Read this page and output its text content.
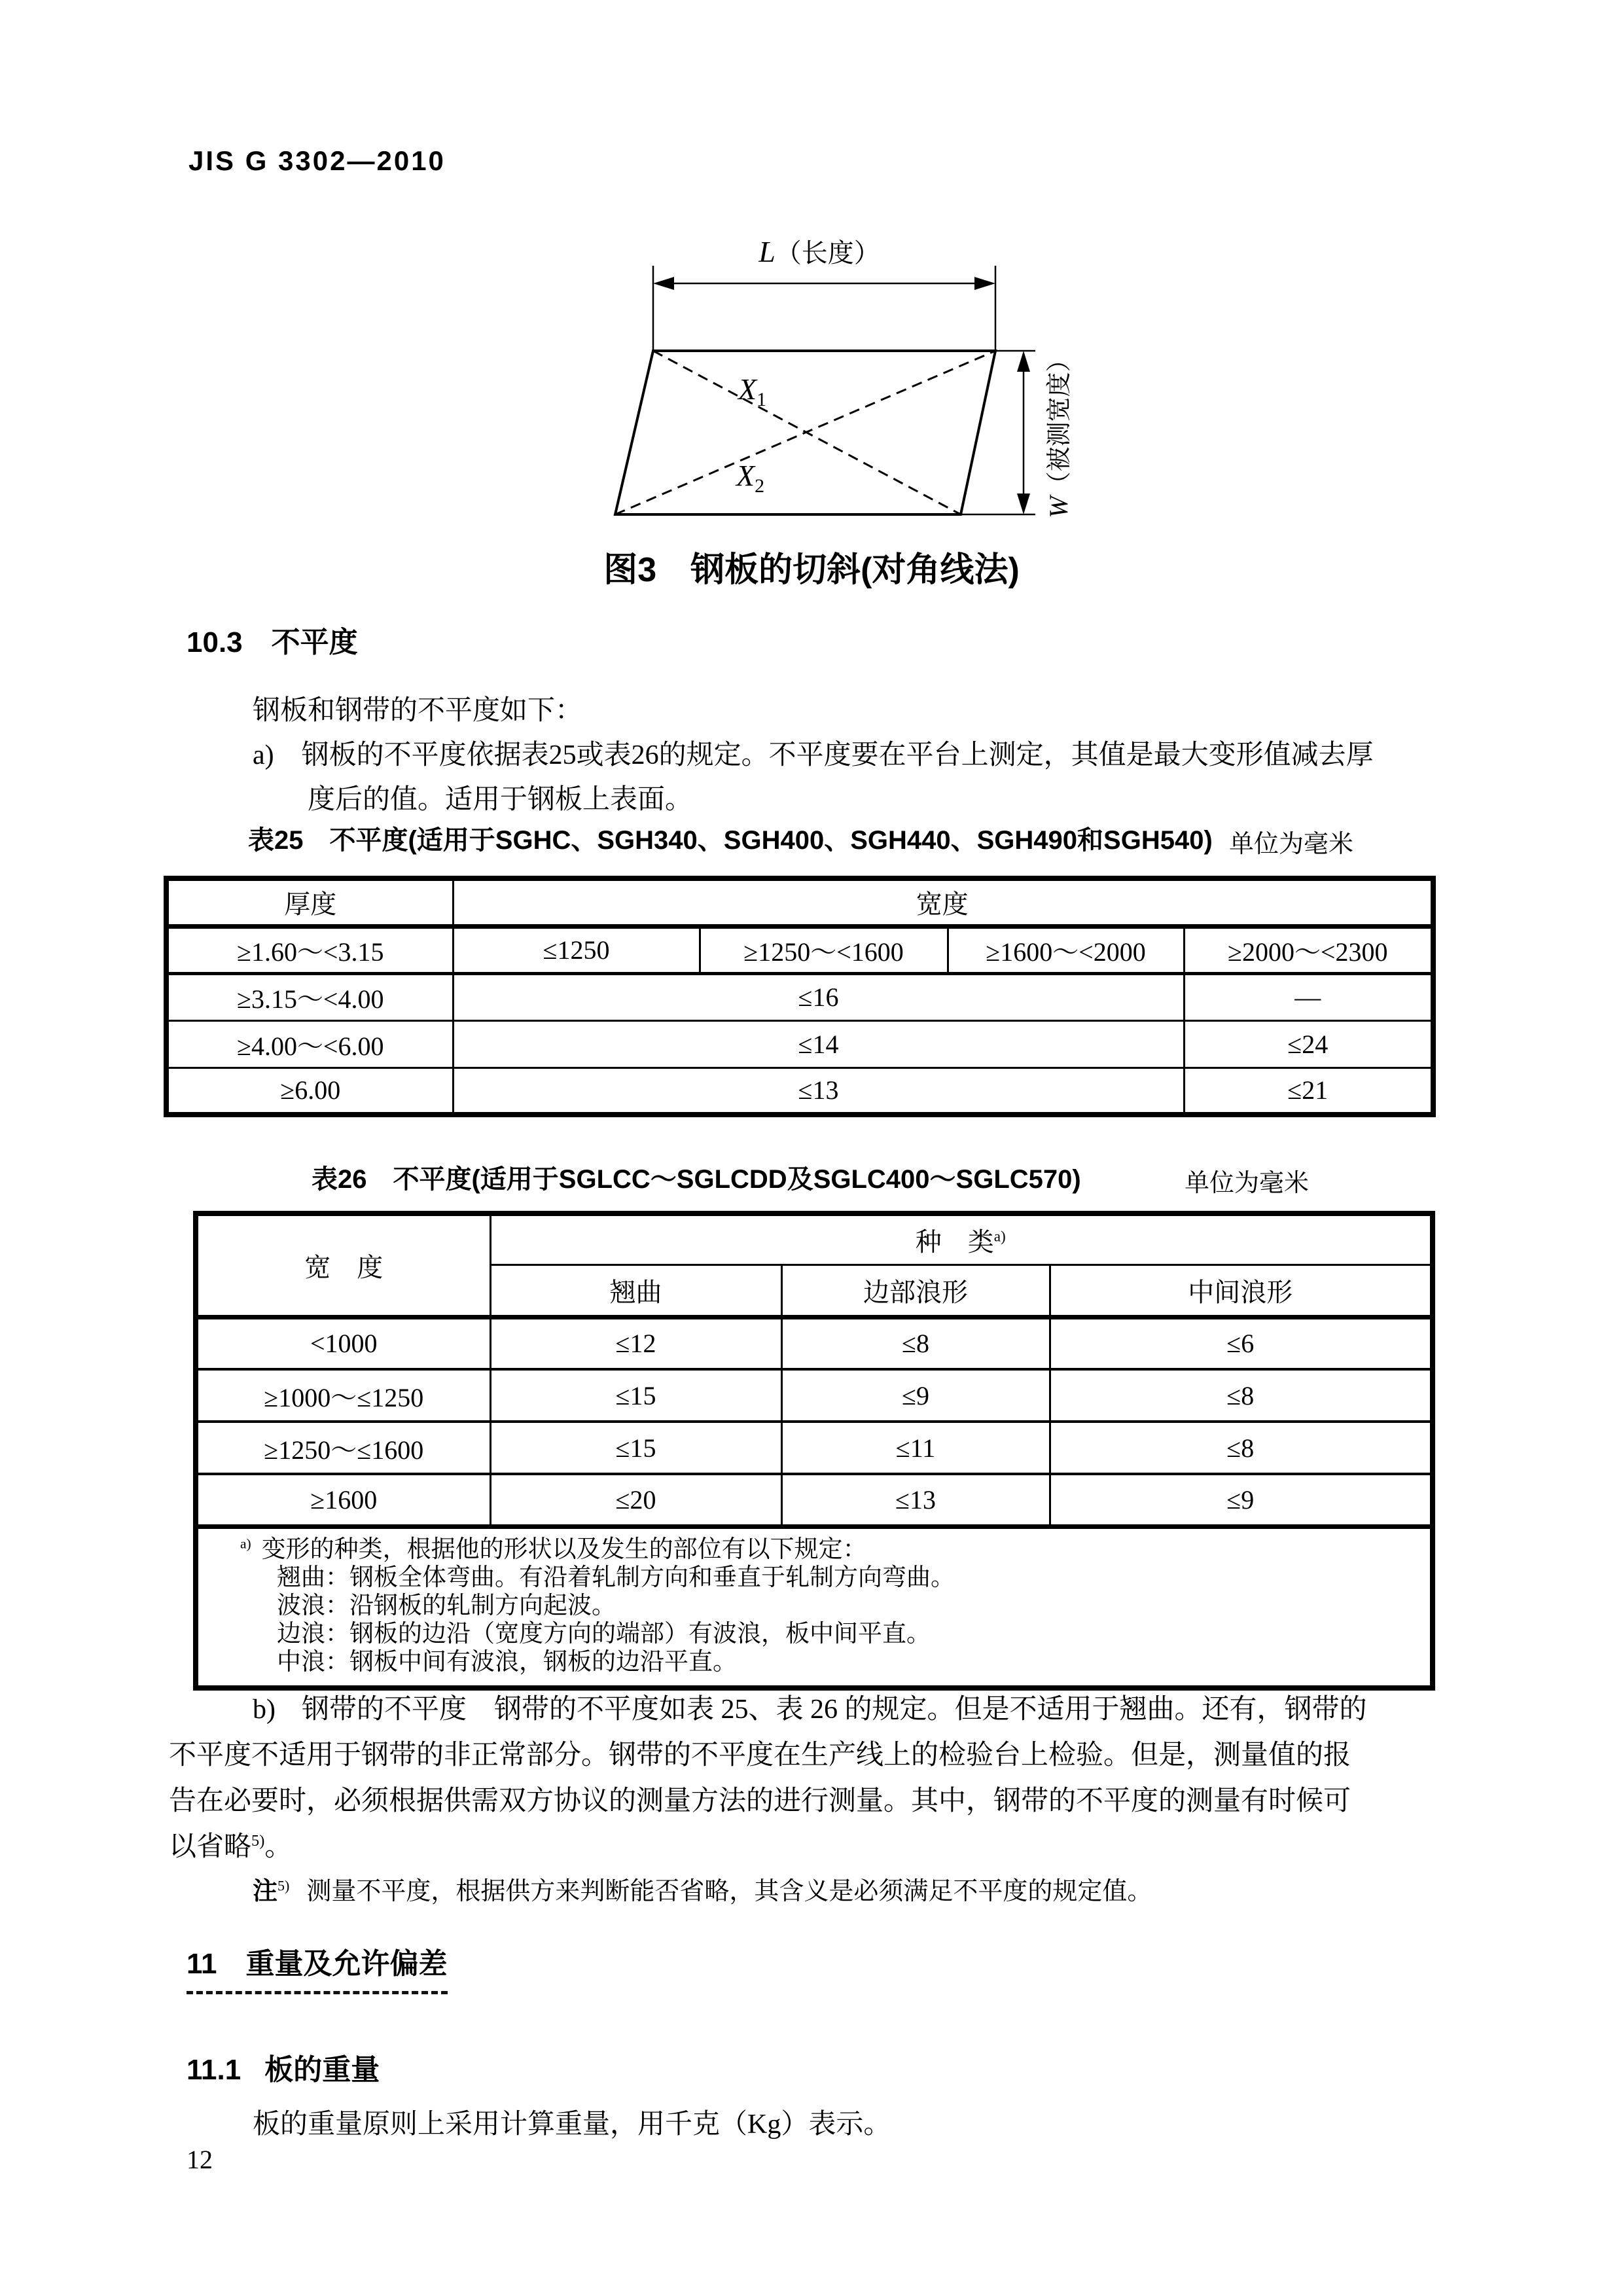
JIS G 3302—2010
L（长度）
W（被测宽度）
X1
X2
图3　钢板的切斜(对角线法)
10.3 不平度
钢板和钢带的不平度如下：
a) 钢板的不平度依据表25或表26的规定。不平度要在平台上测定，其值是最大变形值减去厚
度后的值。适用于钢板上表面。
表25　不平度(适用于SGHC、SGH340、SGH400、SGH440、SGH490和SGH540) 单位为毫米
厚度	宽度			
≥1.60～<3.15	≤1250	≥1250～<1600	≥1600～<2000	≥2000～<2300
≥3.15～<4.00	≤16			—
≥4.00～<6.00	≤14			≤24
≥6.00	≤13			≤21
表26　不平度(适用于SGLCC～SGLCDD及SGLC400～SGLC570)	单位为毫米
宽　度	种　类$^{a)}$
	翘曲	边部浪形	中间浪形
<1000	≤12	≤8	≤6
≥1000～≤1250	≤15	≤9	≤8
≥1250～≤1600	≤15	≤11	≤8
≥1600	≤20	≤13	≤9

$^{a)}$ 变形的种类，根据他的形状以及发生的部位有以下规定：
翘曲：钢板全体弯曲。有沿着轧制方向和垂直于轧制方向弯曲。
波浪：沿钢板的轧制方向起波。
边浪：钢板的边沿（宽度方向的端部）有波浪，板中间平直。
中浪：钢板中间有波浪，钢板的边沿平直。			
b) 钢带的不平度　钢带的不平度如表 25、表 26 的规定。但是不适用于翘曲。还有，钢带的
不平度不适用于钢带的非正常部分。钢带的不平度在生产线上的检验台上检验。但是，测量值的报
告在必要时，必须根据供需双方协议的测量方法的进行测量。其中，钢带的不平度的测量有时候可
以省略$^{5)}$。
注$^{5)}$ 测量不平度，根据供方来判断能否省略，其含义是必须满足不平度的规定值。
11 重量及允许偏差
11.1 板的重量
板的重量原则上采用计算重量，用千克（Kg）表示。
12
